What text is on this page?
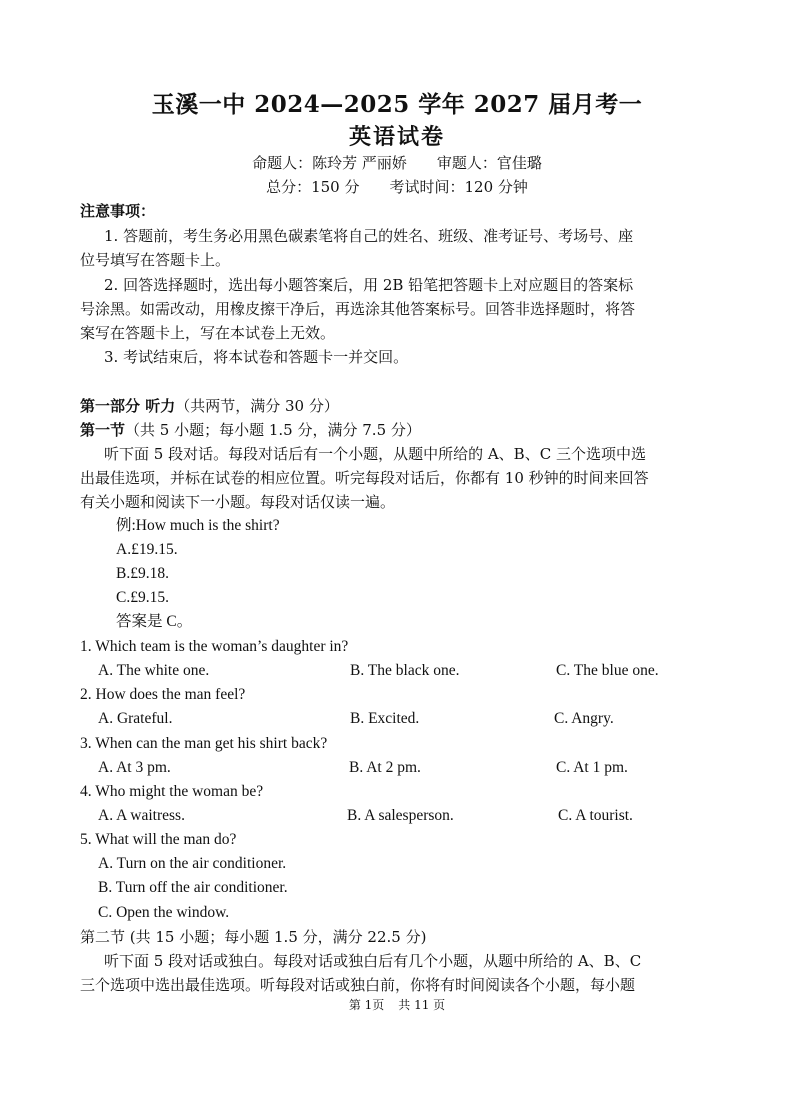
玉溪一中 2024—2025 学年 2027 届月考一
英语试卷
命题人：陈玲芳 严丽娇 审题人：官佳璐
总分：150 分 考试时间：120 分钟
注意事项：
1. 答题前，考生务必用黑色碳素笔将自己的姓名、班级、准考证号、考场号、座
位号填写在答题卡上。
2. 回答选择题时，选出每小题答案后，用 2B 铅笔把答题卡上对应题目的答案标
号涂黑。如需改动，用橡皮擦干净后，再选涂其他答案标号。回答非选择题时，将答
案写在答题卡上，写在本试卷上无效。
3. 考试结束后，将本试卷和答题卡一并交回。
第一部分 听力（共两节，满分 30 分）
第一节（共 5 小题；每小题 1.5 分，满分 7.5 分）
听下面 5 段对话。每段对话后有一个小题，从题中所给的 A、B、C 三个选项中选
出最佳选项，并标在试卷的相应位置。听完每段对话后，你都有 10 秒钟的时间来回答
有关小题和阅读下一小题。每段对话仅读一遍。
例:How much is the shirt?
A.£19.15.
B.£9.18.
C.£9.15.
答案是 C。
1. Which team is the woman’s daughter in?
A. The white one.	B. The black one.	C. The blue one.
2. How does the man feel?
A. Grateful.	B. Excited.	C. Angry.
3. When can the man get his shirt back?
A. At 3 pm.	B. At 2 pm.	C. At 1 pm.
4. Who might the woman be?
A. A waitress.	B. A salesperson.	C. A tourist.
5. What will the man do?
A. Turn on the air conditioner.
B. Turn off the air conditioner.
C. Open the window.
第二节 (共 15 小题；每小题 1.5 分，满分 22.5 分)
听下面 5 段对话或独白。每段对话或独白后有几个小题，从题中所给的 A、B、C
三个选项中选出最佳选项。听每段对话或独白前，你将有时间阅读各个小题，每小题
第 1页 共 11 页
